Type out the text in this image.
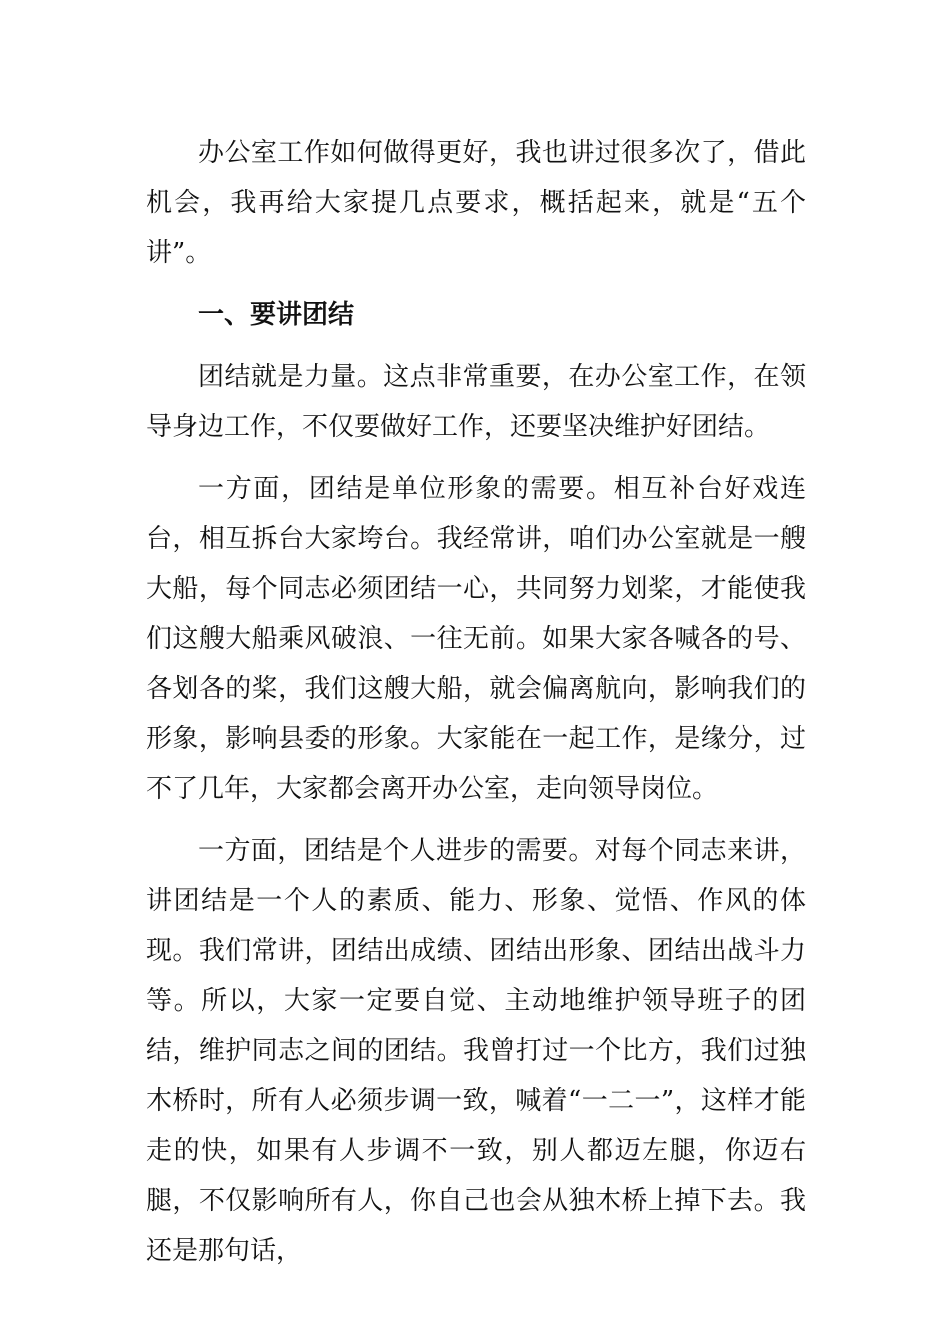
办公室工作如何做得更好，我也讲过很多次了，借此机会，我再给大家提几点要求，概括起来，就是“五个讲”。

一、要讲团结

团结就是力量。这点非常重要，在办公室工作，在领导身边工作，不仅要做好工作，还要坚决维护好团结。

一方面，团结是单位形象的需要。相互补台好戏连台，相互拆台大家垮台。我经常讲，咱们办公室就是一艘大船，每个同志必须团结一心，共同努力划桨，才能使我们这艘大船乘风破浪、一往无前。如果大家各喊各的号、各划各的桨，我们这艘大船，就会偏离航向，影响我们的形象，影响县委的形象。大家能在一起工作，是缘分，过不了几年，大家都会离开办公室，走向领导岗位。

一方面，团结是个人进步的需要。对每个同志来讲，讲团结是一个人的素质、能力、形象、觉悟、作风的体现。我们常讲，团结出成绩、团结出形象、团结出战斗力等。所以，大家一定要自觉、主动地维护领导班子的团结，维护同志之间的团结。我曾打过一个比方，我们过独木桥时，所有人必须步调一致，喊着“一二一”，这样才能走的快，如果有人步调不一致，别人都迈左腿，你迈右腿，不仅影响所有人，你自己也会从独木桥上掉下去。我还是那句话，
